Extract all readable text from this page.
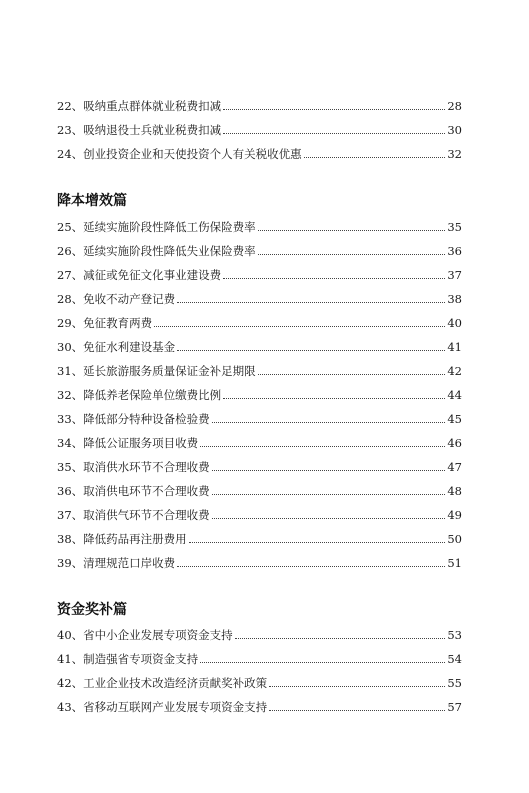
22、吸纳重点群体就业税费扣减	28
23、吸纳退役士兵就业税费扣减	30
24、创业投资企业和天使投资个人有关税收优惠	32
降本增效篇
25、延续实施阶段性降低工伤保险费率	35
26、延续实施阶段性降低失业保险费率	36
27、减征或免征文化事业建设费	37
28、免收不动产登记费	38
29、免征教育两费	40
30、免征水利建设基金	41
31、延长旅游服务质量保证金补足期限	42
32、降低养老保险单位缴费比例	44
33、降低部分特种设备检验费	45
34、降低公证服务项目收费	46
35、取消供水环节不合理收费	47
36、取消供电环节不合理收费	48
37、取消供气环节不合理收费	49
38、降低药品再注册费用	50
39、清理规范口岸收费	51
资金奖补篇
40、省中小企业发展专项资金支持	53
41、制造强省专项资金支持	54
42、工业企业技术改造经济贡献奖补政策	55
43、省移动互联网产业发展专项资金支持	57
